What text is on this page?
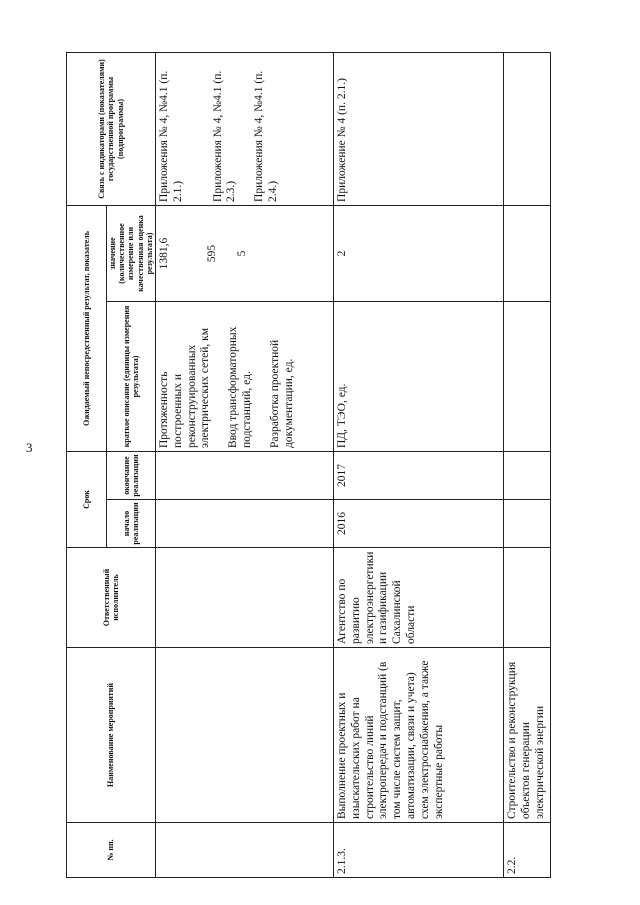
3
№ пп.	Наименование мероприятий	Ответственный исполнитель	Срок		Ожидаемый непосредственный результат, показатель		Связь с индикаторами (показателями) государственной программы (подпрограммы)
			начало реализации	окончание реализации	краткое описание (единицы измерения результата)	значение (количественное измерение или качественная оценка результата)	

					Протяженность построенных и реконструированных электрических сетей, км Ввод трансформаторных подстанций, ед. Разработка проектной документации, ед.	1381,6 595 5	Приложения № 4, №4.1 (п. 2.1.) Приложения № 4, №4.1 (п. 2.3.) Приложения № 4, №4.1 (п. 2.4.)

2.1.3.	Выполнение проектных и изыскательских работ на строительство линий электропередач и подстанций (в том числе систем защит, автоматизации, связи и учета) схем электроснабжения, а также экспертные работы	Агентство по развитию электроэнергетики и газификации Сахалинской области	2016	2017	ПД, ТЭО, ед.	2	Приложение № 4 (п. 2.1.)
2.2.	Строительство и реконструкция объектов генерации электрической энергии						
